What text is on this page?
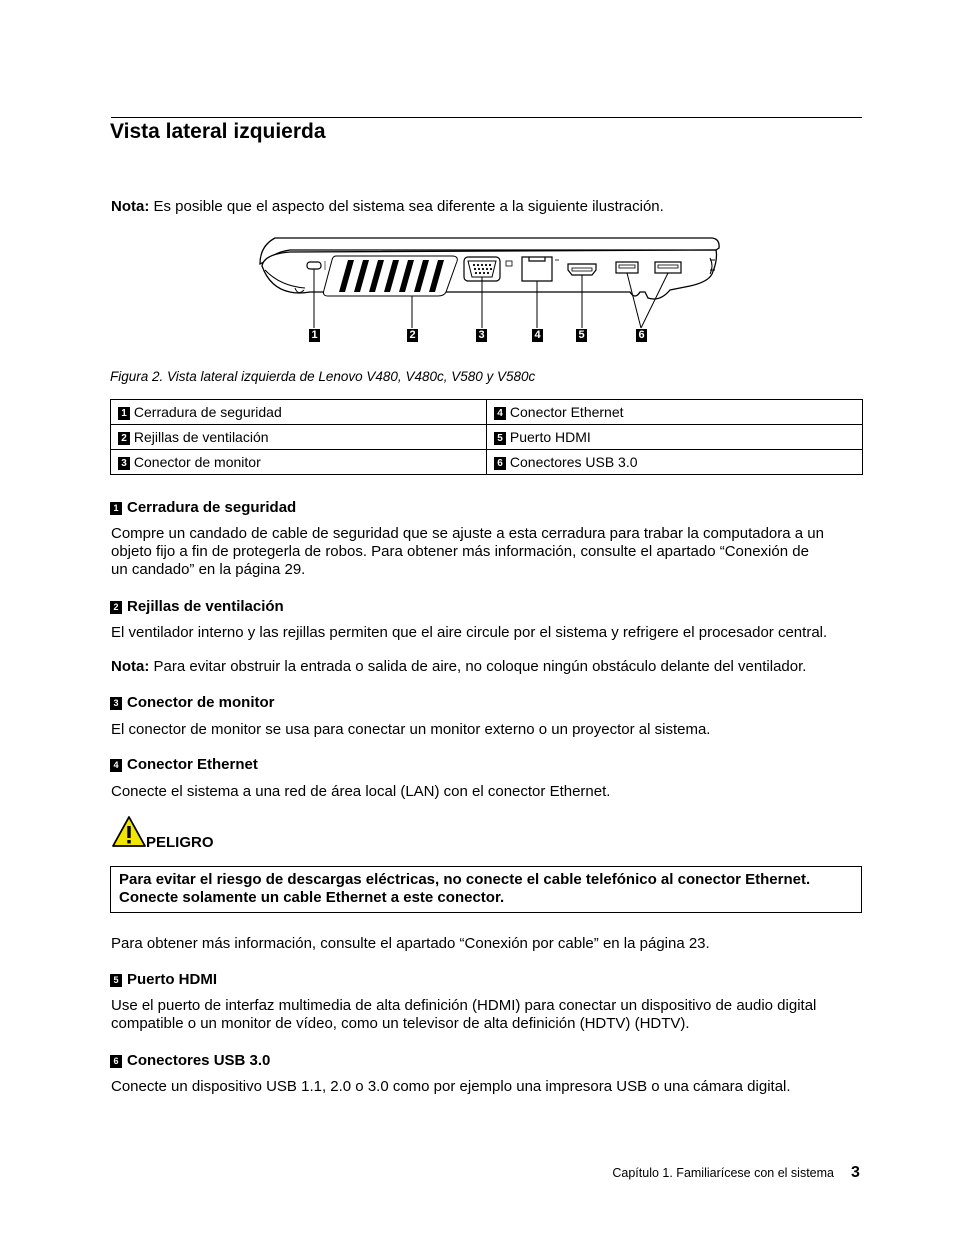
Vista lateral izquierda
Nota: Es posible que el aspecto del sistema sea diferente a la siguiente ilustración.
1	2	3	4	5	6
Figura 2. Vista lateral izquierda de Lenovo V480, V480c, V580 y V580c
1 Cerradura de seguridad	4 Conector Ethernet
2 Rejillas de ventilación	5 Puerto HDMI
3 Conector de monitor	6 Conectores USB 3.0
1 Cerradura de seguridad
Compre un candado de cable de seguridad que se ajuste a esta cerradura para trabar la computadora a un
objeto fijo a fin de protegerla de robos. Para obtener más información, consulte el apartado “Conexión de
un candado” en la página 29.
2 Rejillas de ventilación
El ventilador interno y las rejillas permiten que el aire circule por el sistema y refrigere el procesador central.
Nota: Para evitar obstruir la entrada o salida de aire, no coloque ningún obstáculo delante del ventilador.
3 Conector de monitor
El conector de monitor se usa para conectar un monitor externo o un proyector al sistema.
4 Conector Ethernet
Conecte el sistema a una red de área local (LAN) con el conector Ethernet.
PELIGRO
Para evitar el riesgo de descargas eléctricas, no conecte el cable telefónico al conector Ethernet.
Conecte solamente un cable Ethernet a este conector.
Para obtener más información, consulte el apartado “Conexión por cable” en la página 23.
5 Puerto HDMI
Use el puerto de interfaz multimedia de alta definición (HDMI) para conectar un dispositivo de audio digital
compatible o un monitor de vídeo, como un televisor de alta definición (HDTV) (HDTV).
6 Conectores USB 3.0
Conecte un dispositivo USB 1.1, 2.0 o 3.0 como por ejemplo una impresora USB o una cámara digital.
Capítulo 1. Familiarícese con el sistema 3
